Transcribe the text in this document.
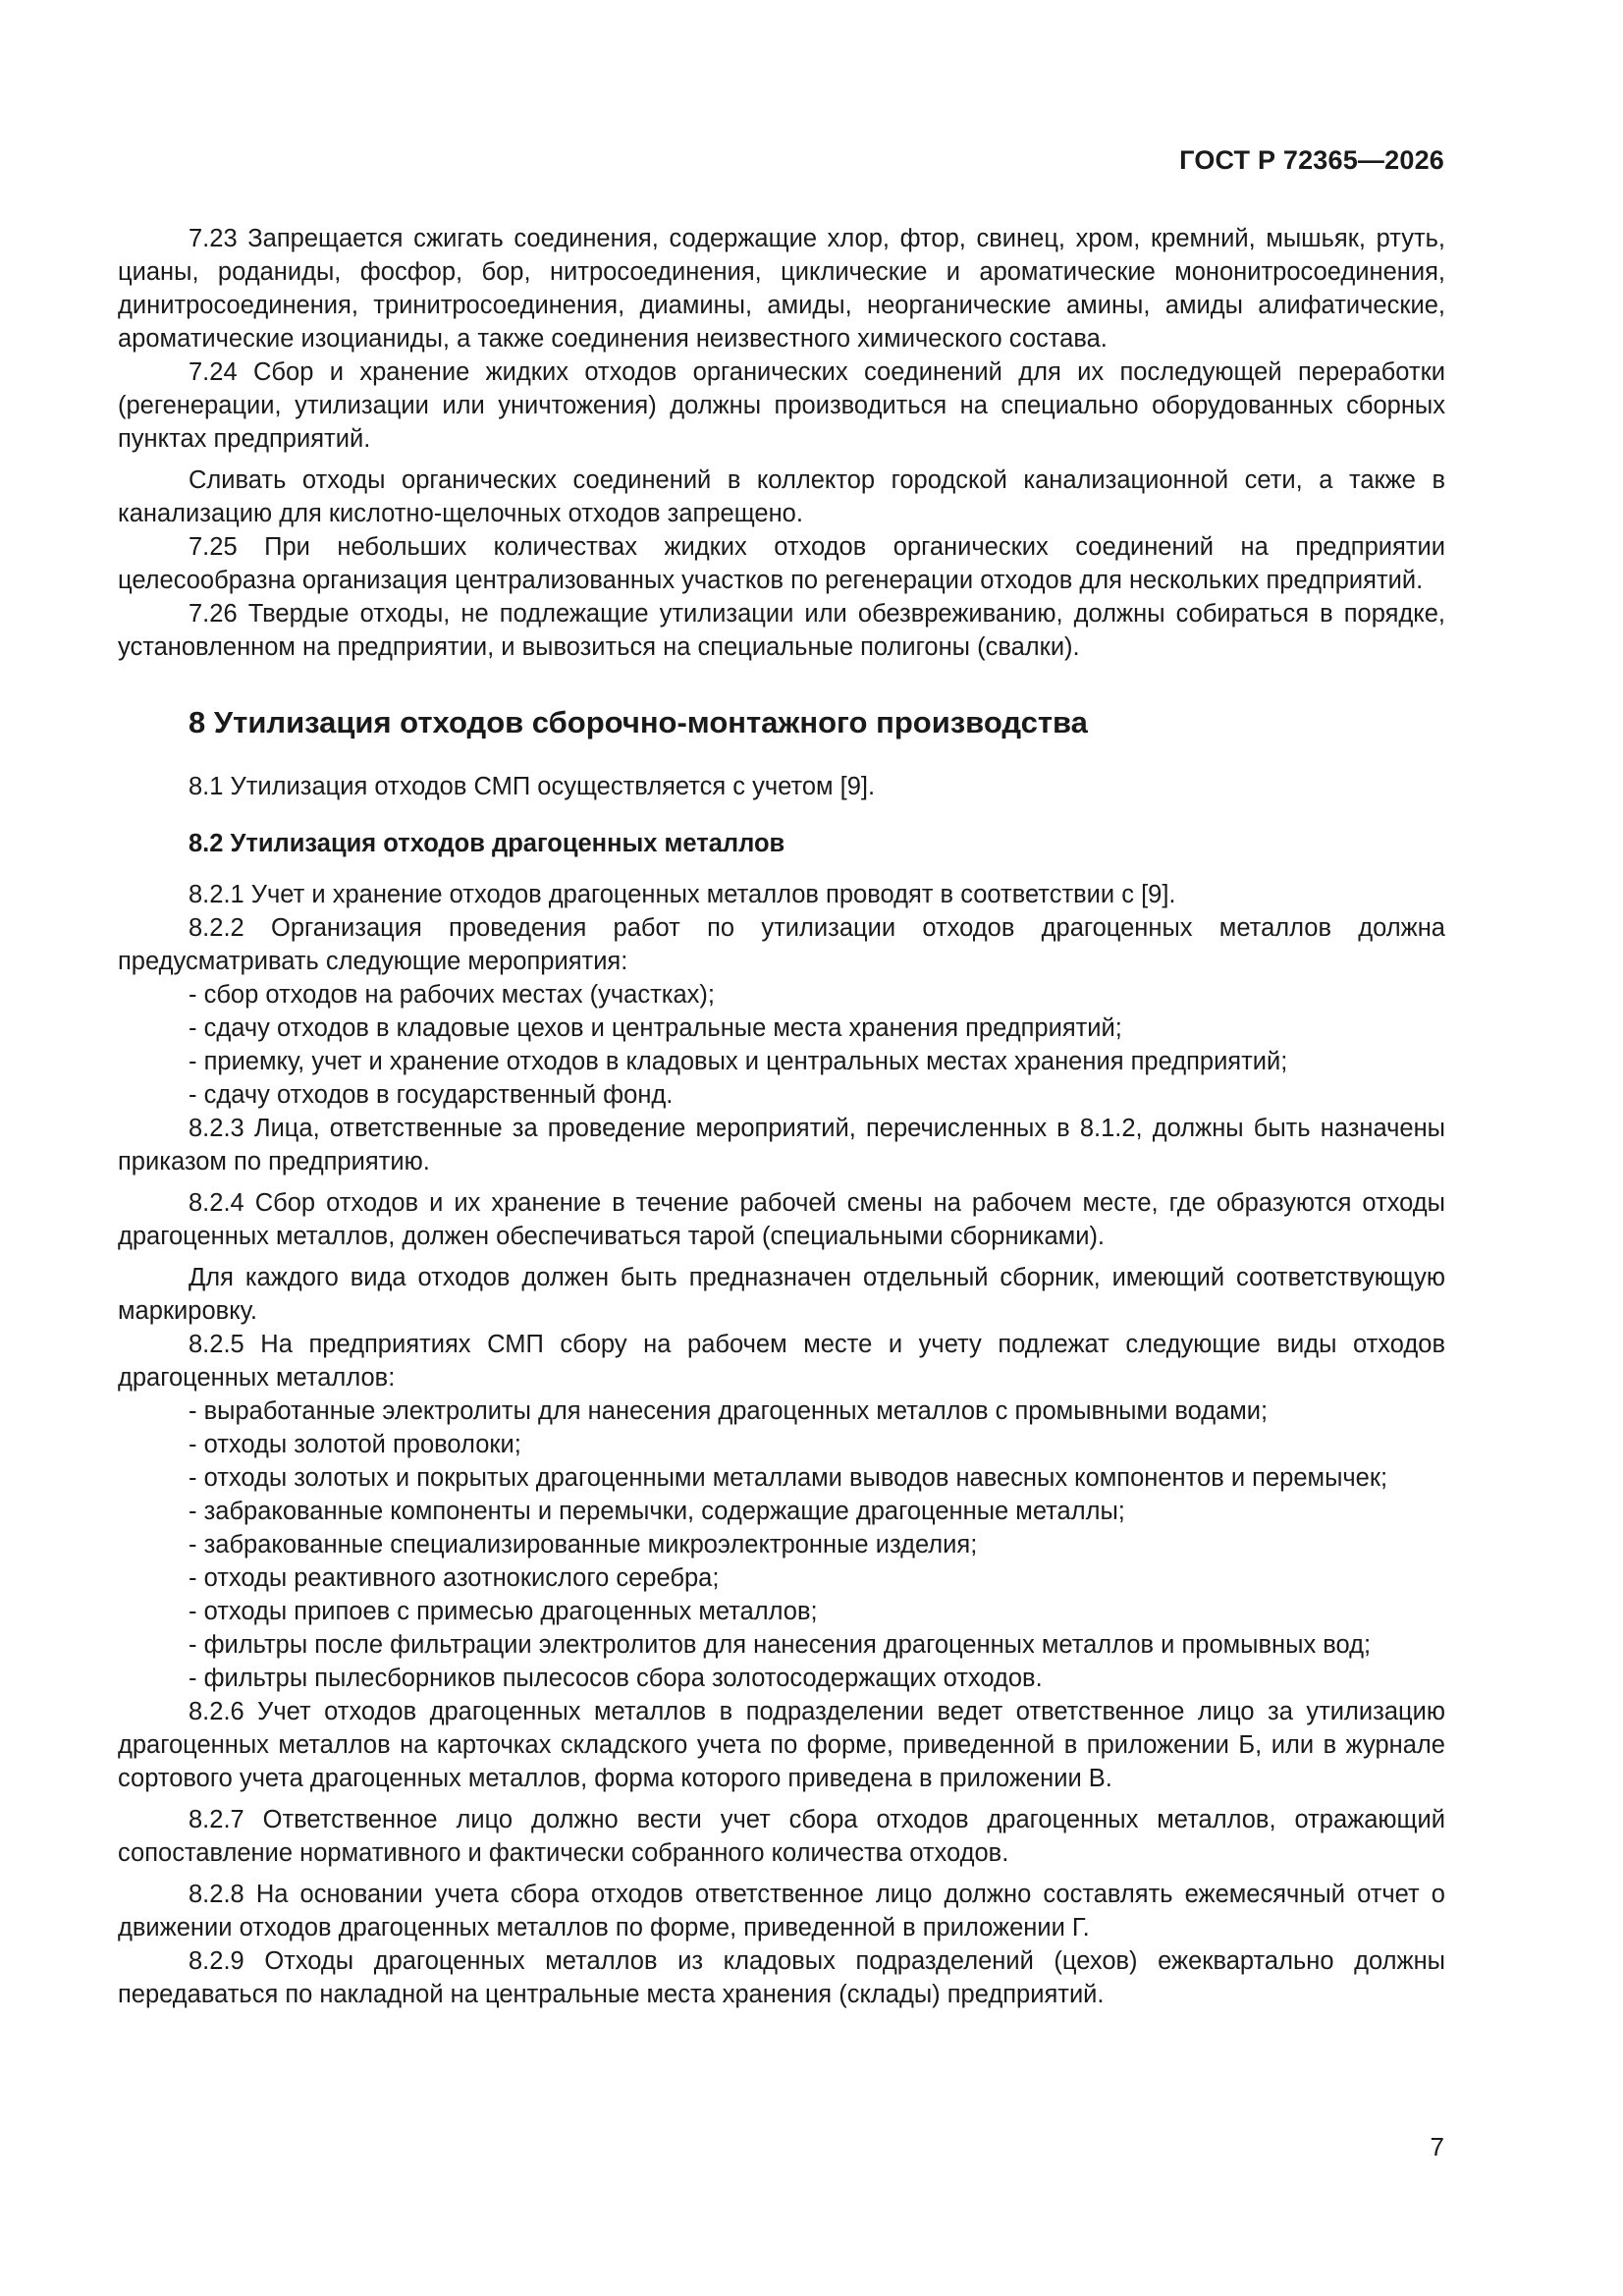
ГОСТ Р 72365—2026

7.23 Запрещается сжигать соединения, содержащие хлор, фтор, свинец, хром, кремний, мышьяк, ртуть, цианы, роданиды, фосфор, бор, нитросоединения, циклические и ароматические мононитросоединения, динитросоединения, тринитросоединения, диамины, амиды, неорганические амины, амиды алифатические, ароматические изоцианиды, а также соединения неизвестного химического состава.

7.24 Сбор и хранение жидких отходов органических соединений для их последующей переработки (регенерации, утилизации или уничтожения) должны производиться на специально оборудованных сборных пунктах предприятий.

Сливать отходы органических соединений в коллектор городской канализационной сети, а также в канализацию для кислотно-щелочных отходов запрещено.

7.25 При небольших количествах жидких отходов органических соединений на предприятии целесообразна организация централизованных участков по регенерации отходов для нескольких предприятий.

7.26 Твердые отходы, не подлежащие утилизации или обезвреживанию, должны собираться в порядке, установленном на предприятии, и вывозиться на специальные полигоны (свалки).

8 Утилизация отходов сборочно-монтажного производства

8.1 Утилизация отходов СМП осуществляется с учетом [9].

8.2 Утилизация отходов драгоценных металлов

8.2.1 Учет и хранение отходов драгоценных металлов проводят в соответствии с [9].

8.2.2 Организация проведения работ по утилизации отходов драгоценных металлов должна предусматривать следующие мероприятия:

- сбор отходов на рабочих местах (участках);

- сдачу отходов в кладовые цехов и центральные места хранения предприятий;

- приемку, учет и хранение отходов в кладовых и центральных местах хранения предприятий;

- сдачу отходов в государственный фонд.

8.2.3 Лица, ответственные за проведение мероприятий, перечисленных в 8.1.2, должны быть назначены приказом по предприятию.

8.2.4 Сбор отходов и их хранение в течение рабочей смены на рабочем месте, где образуются отходы драгоценных металлов, должен обеспечиваться тарой (специальными сборниками).

Для каждого вида отходов должен быть предназначен отдельный сборник, имеющий соответствующую маркировку.

8.2.5 На предприятиях СМП сбору на рабочем месте и учету подлежат следующие виды отходов драгоценных металлов:

- выработанные электролиты для нанесения драгоценных металлов с промывными водами;

- отходы золотой проволоки;

- отходы золотых и покрытых драгоценными металлами выводов навесных компонентов и перемычек;

- забракованные компоненты и перемычки, содержащие драгоценные металлы;

- забракованные специализированные микроэлектронные изделия;

- отходы реактивного азотнокислого серебра;

- отходы припоев с примесью драгоценных металлов;

- фильтры после фильтрации электролитов для нанесения драгоценных металлов и промывных вод;

- фильтры пылесборников пылесосов сбора золотосодержащих отходов.

8.2.6 Учет отходов драгоценных металлов в подразделении ведет ответственное лицо за утилизацию драгоценных металлов на карточках складского учета по форме, приведенной в приложении Б, или в журнале сортового учета драгоценных металлов, форма которого приведена в приложении В.

8.2.7 Ответственное лицо должно вести учет сбора отходов драгоценных металлов, отражающий сопоставление нормативного и фактически собранного количества отходов.

8.2.8 На основании учета сбора отходов ответственное лицо должно составлять ежемесячный отчет о движении отходов драгоценных металлов по форме, приведенной в приложении Г.

8.2.9 Отходы драгоценных металлов из кладовых подразделений (цехов) ежеквартально должны передаваться по накладной на центральные места хранения (склады) предприятий.

7
